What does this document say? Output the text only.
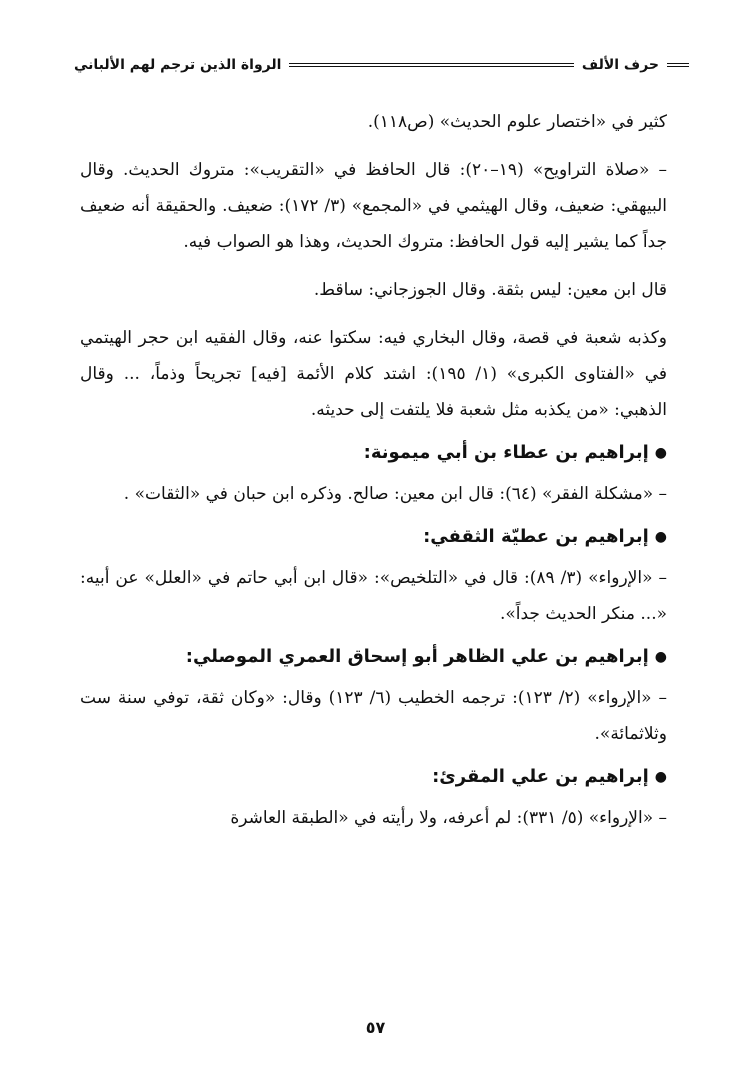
حرف الألف
الرواة الذين ترجم لهم الألباني

كثير في «اختصار علوم الحديث» (ص١١٨).

– «صلاة التراويح» (١٩–٢٠): قال الحافظ في «التقريب»: متروك الحديث. وقال البيهقي: ضعيف، وقال الهيثمي في «المجمع» (٣/ ١٧٢): ضعيف. والحقيقة أنه ضعيف جداً كما يشير إليه قول الحافظ: متروك الحديث، وهذا هو الصواب فيه.

قال ابن معين: ليس بثقة. وقال الجوزجاني: ساقط.

وكذبه شعبة في قصة، وقال البخاري فيه: سكتوا عنه، وقال الفقيه ابن حجر الهيتمي في «الفتاوى الكبرى» (١/ ١٩٥): اشتد كلام الأئمة [فيه] تجريحاً وذماً، ... وقال الذهبي: «من يكذبه مثل شعبة فلا يلتفت إلى حديثه.

●
إبراهيم بن عطاء بن أبي ميمونة:

– «مشكلة الفقر» (٦٤): قال ابن معين: صالح. وذكره ابن حبان في «الثقات» .

●
إبراهيم بن عطيّة الثقفي:

– «الإرواء» (٣/ ٨٩): قال في «التلخيص»: «قال ابن أبي حاتم في «العلل» عن أبيه: «... منكر الحديث جداً».

●
إبراهيم بن علي الظاهر أبو إسحاق العمري الموصلي:

– «الإرواء» (٢/ ١٢٣): ترجمه الخطيب (٦/ ١٢٣) وقال: «وكان ثقة، توفي سنة ست وثلاثمائة».

●
إبراهيم بن علي المقرئ:

– «الإرواء» (٥/ ٣٣١): لم أعرفه، ولا رأيته في «الطبقة العاشرة

٥٧
